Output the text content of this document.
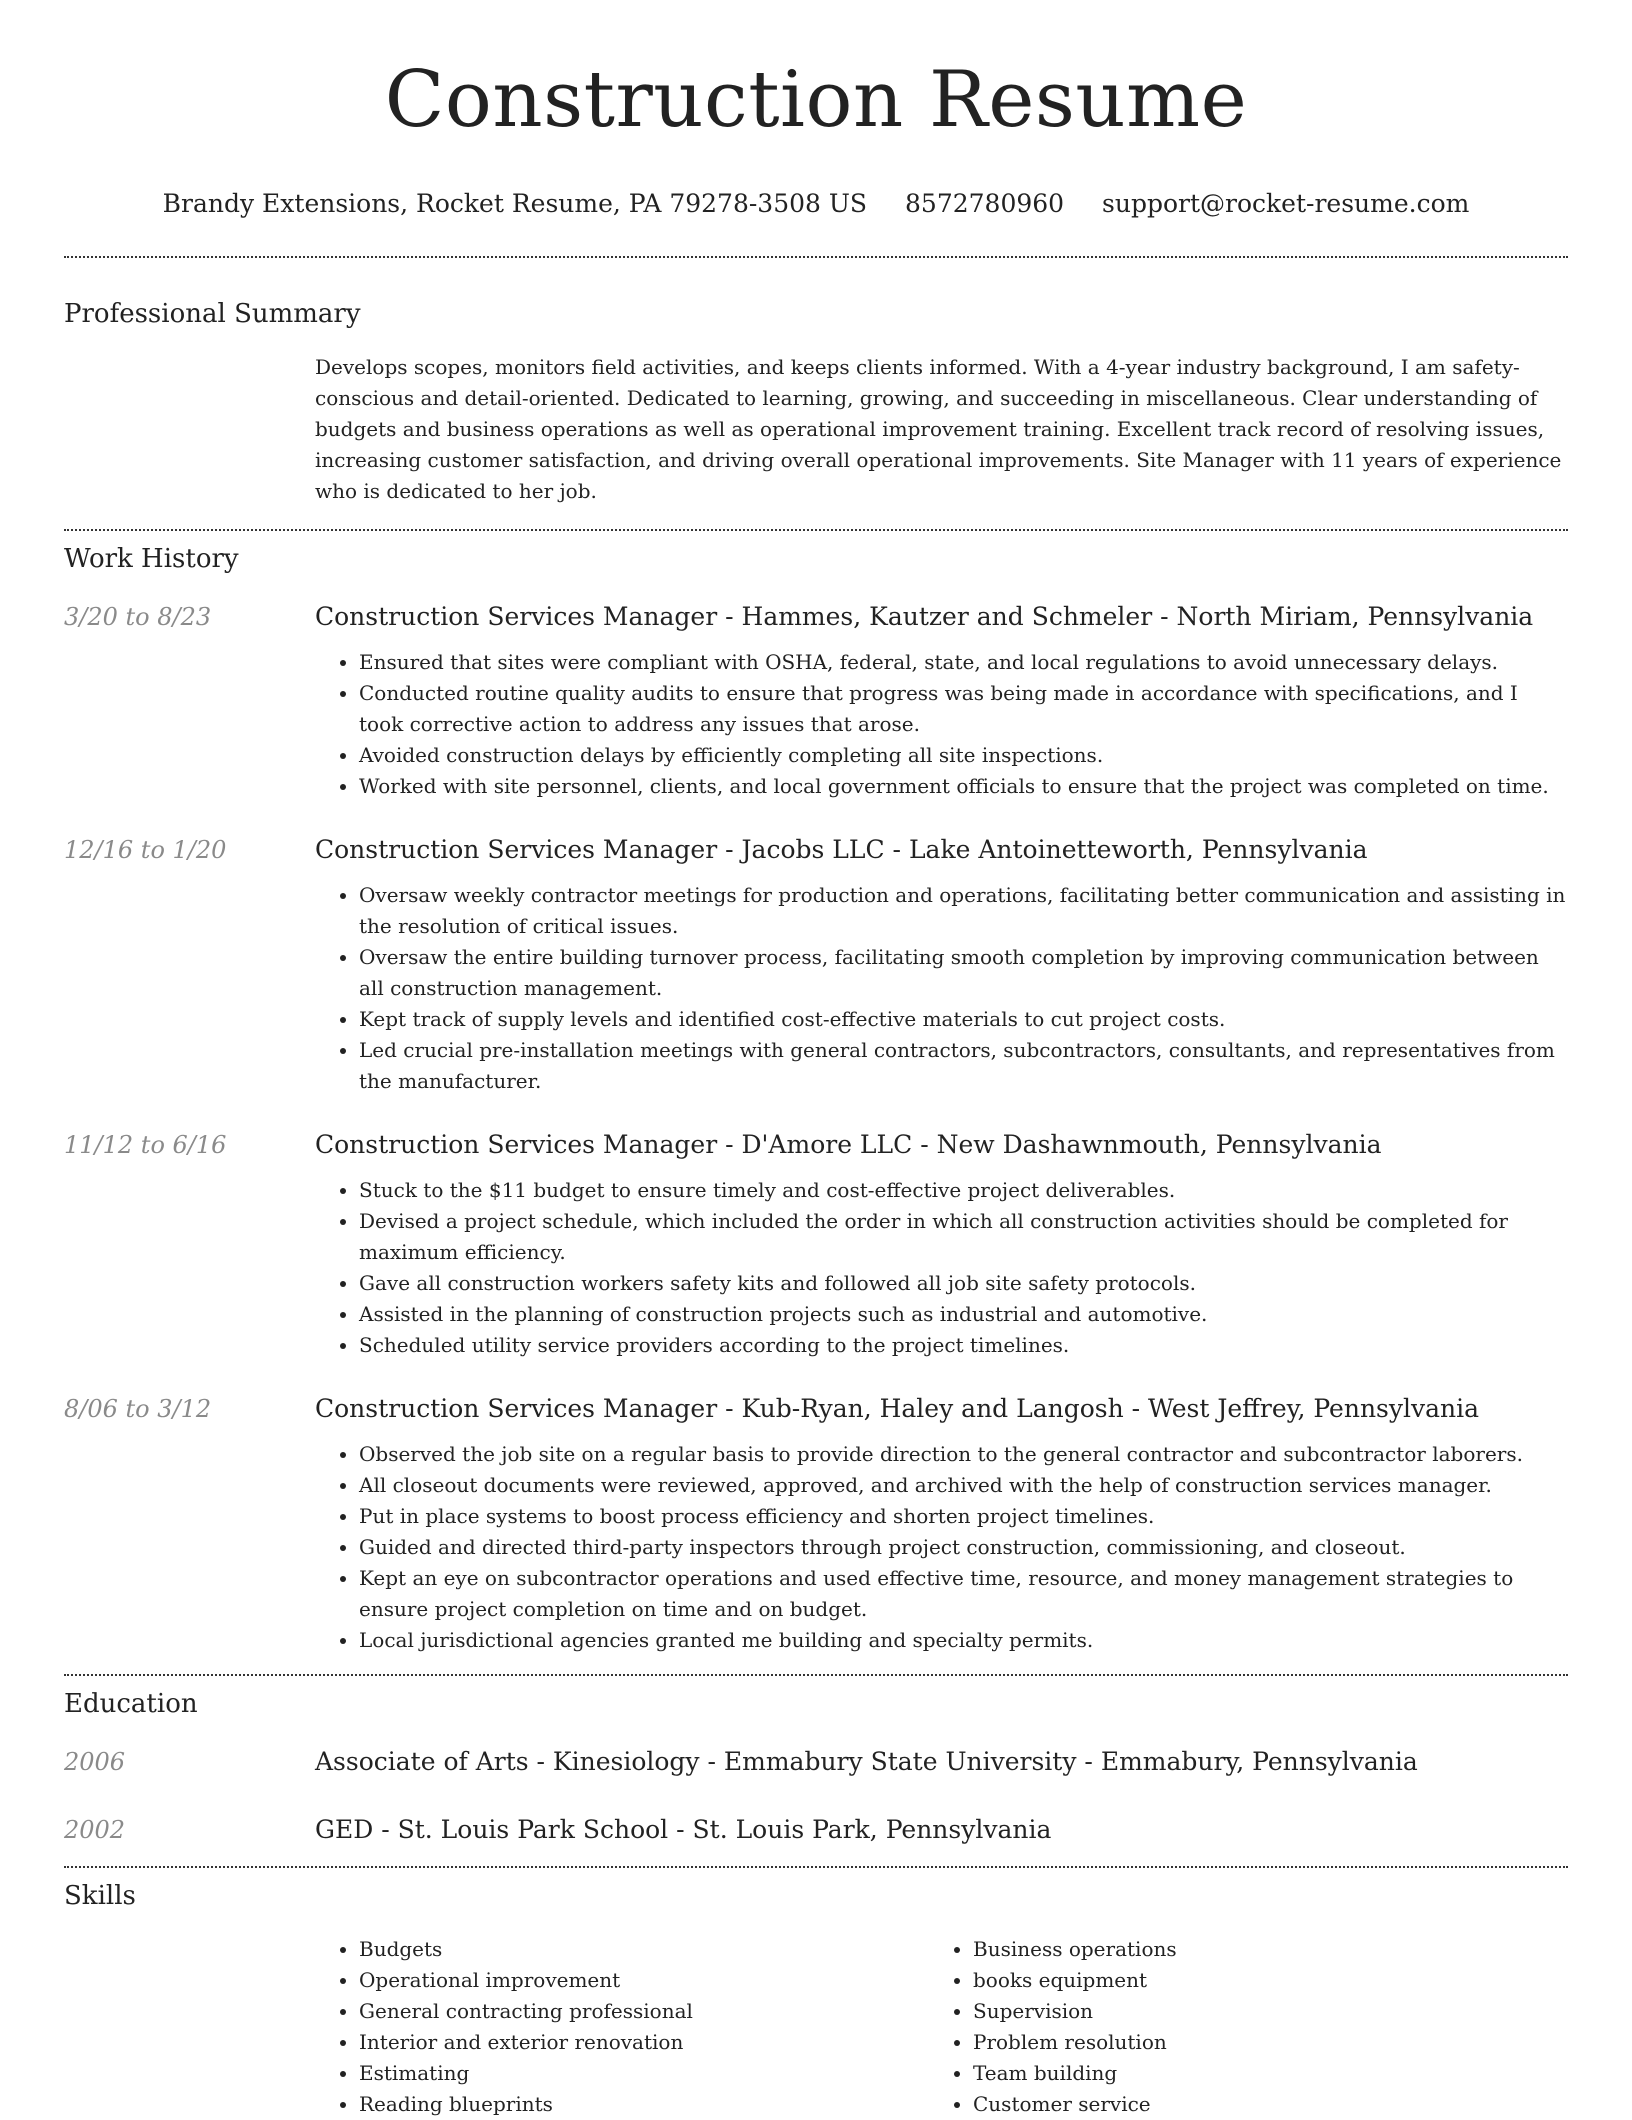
Construction Resume
Brandy Extensions, Rocket Resume, PA 79278-3508 US 8572780960 support@rocket-resume.com
Professional Summary

Develops scopes, monitors field activities, and keeps clients informed. With a 4-year industry background, I am safety-conscious and detail-oriented. Dedicated to learning, growing, and succeeding in miscellaneous. Clear understanding of budgets and business operations as well as operational improvement training. Excellent track record of resolving issues, increasing customer satisfaction, and driving overall operational improvements. Site Manager with 11 years of experience who is dedicated to her job.

Work History
3/20 to 8/23	Construction Services Manager - Hammes, Kautzer and Schmeler - North Miriam, Pennsylvania
• Ensured that sites were compliant with OSHA, federal, state, and local regulations to avoid unnecessary delays.
• Conducted routine quality audits to ensure that progress was being made in accordance with specifications, and I took corrective action to address any issues that arose.
• Avoided construction delays by efficiently completing all site inspections.
• Worked with site personnel, clients, and local government officials to ensure that the project was completed on time.
12/16 to 1/20	Construction Services Manager - Jacobs LLC - Lake Antoinetteworth, Pennsylvania
• Oversaw weekly contractor meetings for production and operations, facilitating better communication and assisting in the resolution of critical issues.
• Oversaw the entire building turnover process, facilitating smooth completion by improving communication between all construction management.
• Kept track of supply levels and identified cost-effective materials to cut project costs.
• Led crucial pre-installation meetings with general contractors, subcontractors, consultants, and representatives from the manufacturer.
11/12 to 6/16	Construction Services Manager - D'Amore LLC - New Dashawnmouth, Pennsylvania
• Stuck to the $11 budget to ensure timely and cost-effective project deliverables.
• Devised a project schedule, which included the order in which all construction activities should be completed for maximum efficiency.
• Gave all construction workers safety kits and followed all job site safety protocols.
• Assisted in the planning of construction projects such as industrial and automotive.
• Scheduled utility service providers according to the project timelines.
8/06 to 3/12	Construction Services Manager - Kub-Ryan, Haley and Langosh - West Jeffrey, Pennsylvania
• Observed the job site on a regular basis to provide direction to the general contractor and subcontractor laborers.
• All closeout documents were reviewed, approved, and archived with the help of construction services manager.
• Put in place systems to boost process efficiency and shorten project timelines.
• Guided and directed third-party inspectors through project construction, commissioning, and closeout.
• Kept an eye on subcontractor operations and used effective time, resource, and money management strategies to ensure project completion on time and on budget.
• Local jurisdictional agencies granted me building and specialty permits.
Education
2006	Associate of Arts - Kinesiology - Emmabury State University - Emmabury, Pennsylvania
2002	GED - St. Louis Park School - St. Louis Park, Pennsylvania
Skills
• Budgets
• Operational improvement
• General contracting professional
• Interior and exterior renovation
• Estimating
• Reading blueprints
• Business operations
• books equipment
• Supervision
• Problem resolution
• Team building
• Customer service
